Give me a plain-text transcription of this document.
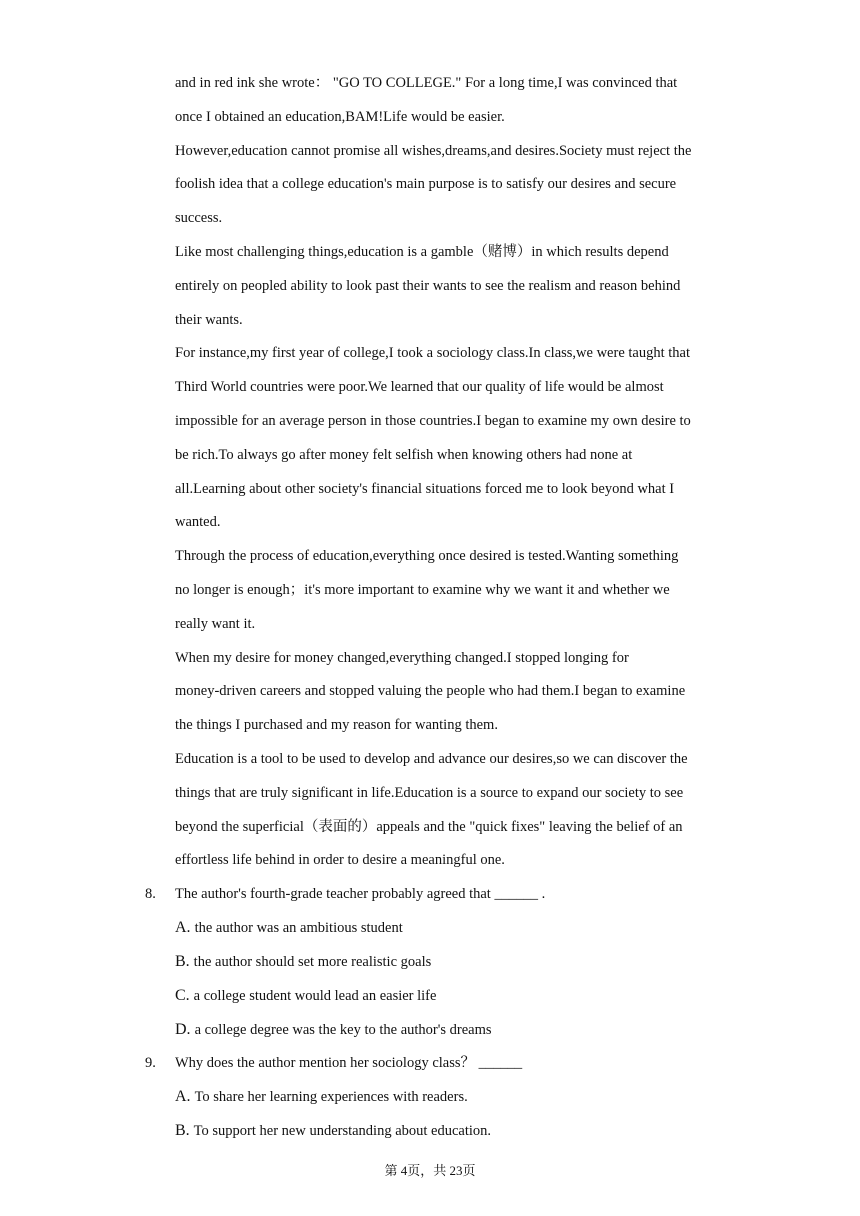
and in red ink she wrote： "GO TO COLLEGE." For a long time,I was convinced that
once I obtained an education,BAM!Life would be easier.
However,education cannot promise all wishes,dreams,and desires.Society must reject the
foolish idea that a college education's main purpose is to satisfy our desires and secure
success.
Like most challenging things,education is a gamble（赌博）in which results depend
entirely on peopled ability to look past their wants to see the realism and reason behind
their wants.
For instance,my first year of college,I took a sociology class.In class,we were taught that
Third World countries were poor.We learned that our quality of life would be almost
impossible for an average person in those countries.I began to examine my own desire to
be rich.To always go after money felt selfish when knowing others had none at
all.Learning about other society's financial situations forced me to look beyond what I
wanted.
Through the process of education,everything once desired is tested.Wanting something
no longer is enough；it's more important to examine why we want it and whether we
really want it.
When my desire for money changed,everything changed.I stopped longing for
money-driven careers and stopped valuing the people who had them.I began to examine
the things I purchased and my reason for wanting them.
Education is a tool to be used to develop and advance our desires,so we can discover the
things that are truly significant in life.Education is a source to expand our society to see
beyond the superficial（表面的）appeals and the "quick fixes" leaving the belief of an
effortless life behind in order to desire a meaningful one.
8. The author's fourth-grade teacher probably agreed that ______ .
A. the author was an ambitious student
B. the author should set more realistic goals
C. a college student would lead an easier life
D. a college degree was the key to the author's dreams
9. Why does the author mention her sociology class？ ______
A. To share her learning experiences with readers.
B. To support her new understanding about education.
第 4页，共 23页
